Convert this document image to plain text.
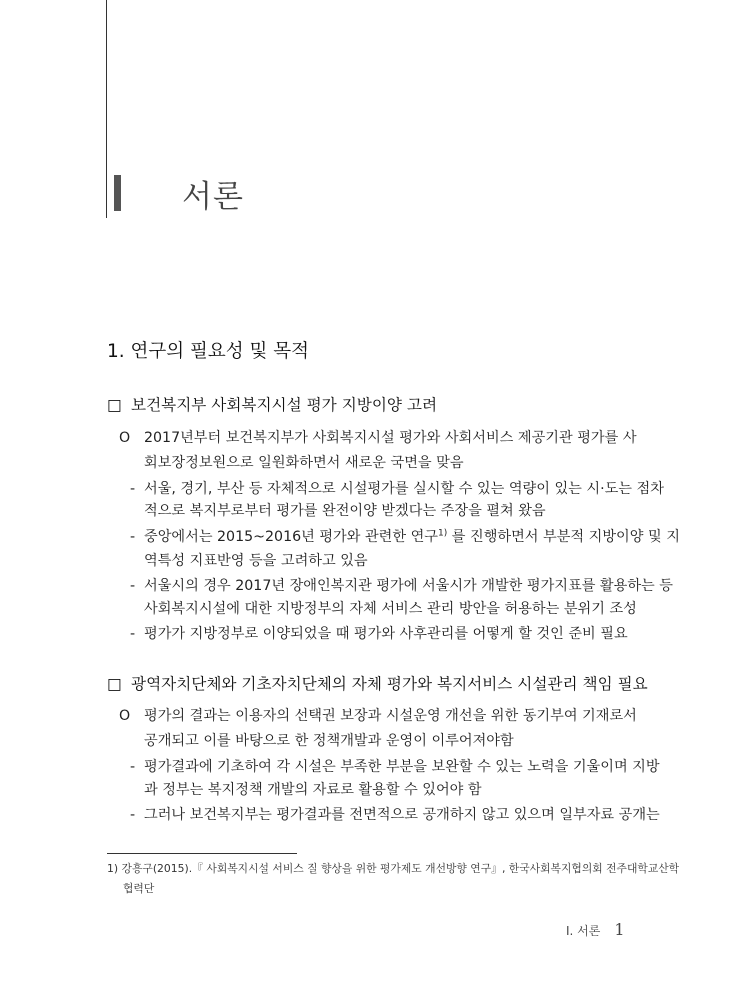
서론
1. 연구의 필요성 및 목적
□ 보건복지부 사회복지시설 평가 지방이양 고려
O 2017년부터 보건복지부가 사회복지시설 평가와 사회서비스 제공기관 평가를 사
회보장정보원으로 일원화하면서 새로운 국면을 맞음
- 서울, 경기, 부산 등 자체적으로 시설평가를 실시할 수 있는 역량이 있는 시·도는 점차
적으로 복지부로부터 평가를 완전이양 받겠다는 주장을 펼쳐 왔음
- 중앙에서는 2015~2016년 평가와 관련한 연구$^{1)}$ 를 진행하면서 부분적 지방이양 및 지
역특성 지표반영 등을 고려하고 있음
- 서울시의 경우 2017년 장애인복지관 평가에 서울시가 개발한 평가지표를 활용하는 등
사회복지시설에 대한 지방정부의 자체 서비스 관리 방안을 허용하는 분위기 조성
- 평가가 지방정부로 이양되었을 때 평가와 사후관리를 어떻게 할 것인 준비 필요
□ 광역자치단체와 기초자치단체의 자체 평가와 복지서비스 시설관리 책임 필요
O 평가의 결과는 이용자의 선택권 보장과 시설운영 개선을 위한 동기부여 기재로서
공개되고 이를 바탕으로 한 정책개발과 운영이 이루어져야함
- 평가결과에 기초하여 각 시설은 부족한 부분을 보완할 수 있는 노력을 기울이며 지방
과 정부는 복지정책 개발의 자료로 활용할 수 있어야 함
- 그러나 보건복지부는 평가결과를 전면적으로 공개하지 않고 있으며 일부자료 공개는
1) 강흥구(2015).『 사회복지시설 서비스 질 향상을 위한 평가제도 개선방향 연구』, 한국사회복지협의회 전주대학교산학
협력단
Ⅰ. 서론 1
